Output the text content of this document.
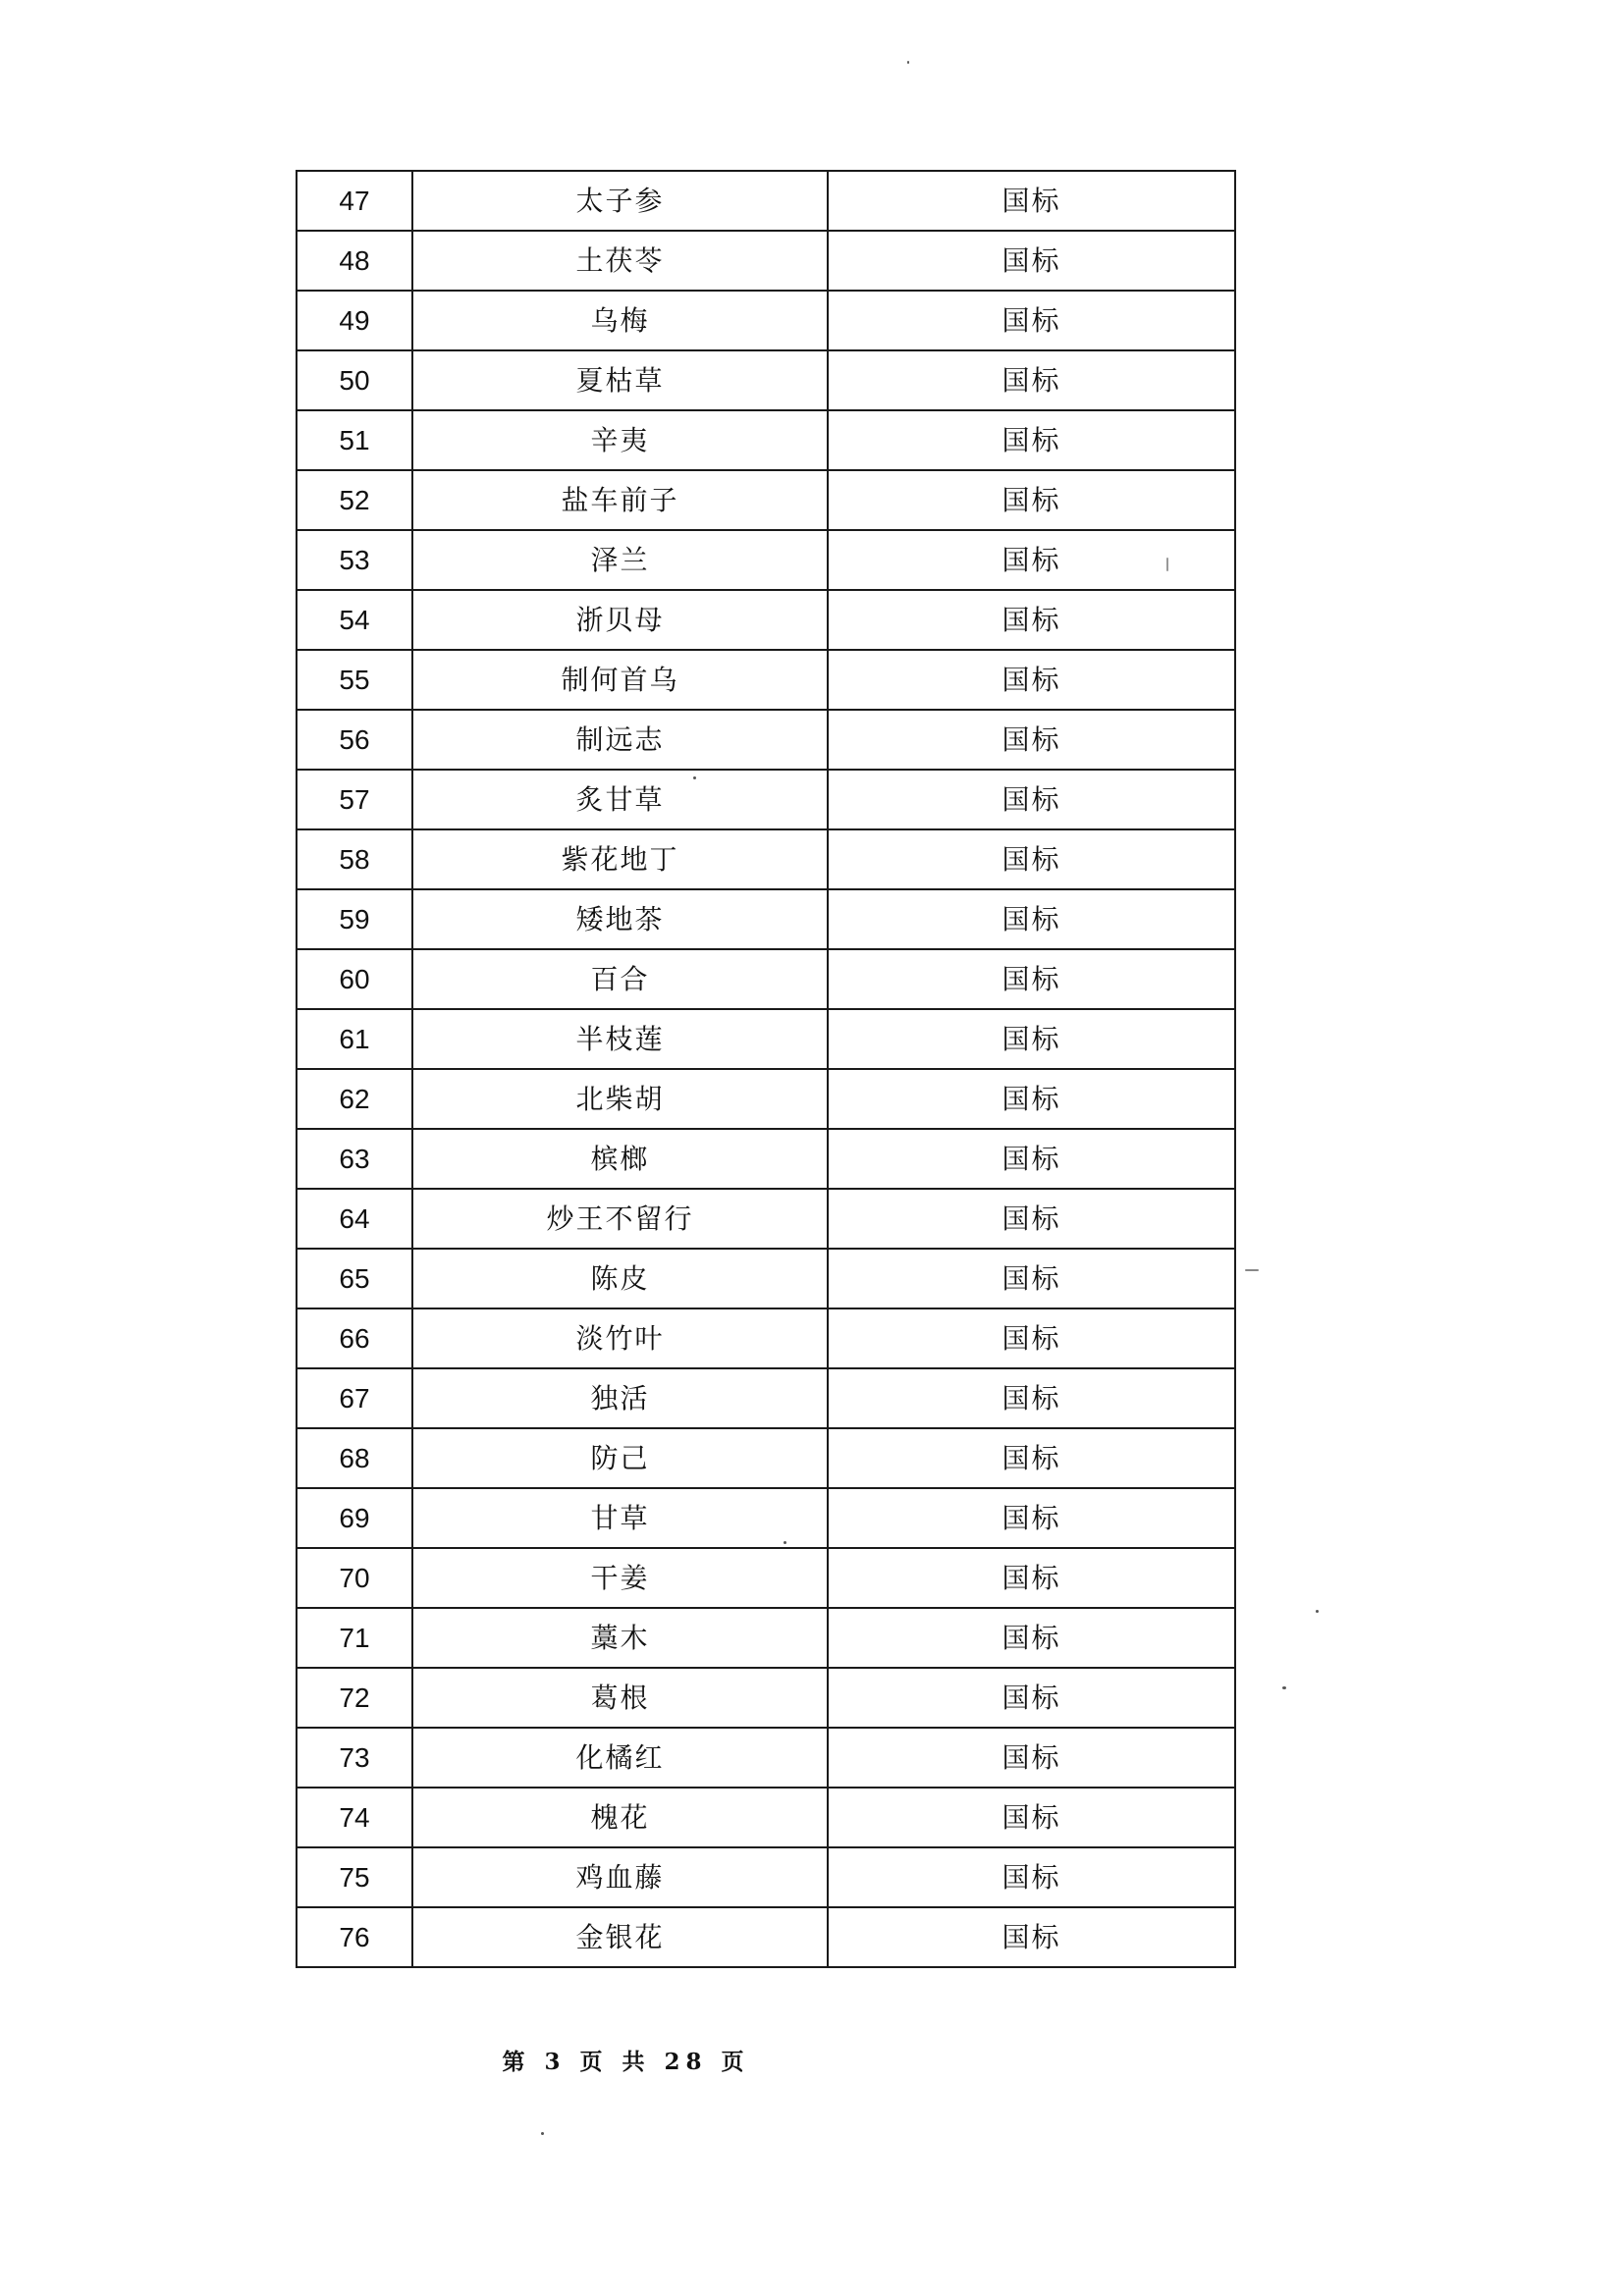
47	太子参	国标
48	土茯苓	国标
49	乌梅	国标
50	夏枯草	国标
51	辛夷	国标
52	盐车前子	国标
53	泽兰	国标
54	浙贝母	国标
55	制何首乌	国标
56	制远志	国标
57	炙甘草	国标
58	紫花地丁	国标
59	矮地茶	国标
60	百合	国标
61	半枝莲	国标
62	北柴胡	国标
63	槟榔	国标
64	炒王不留行	国标
65	陈皮	国标
66	淡竹叶	国标
67	独活	国标
68	防己	国标
69	甘草	国标
70	干姜	国标
71	藁木	国标
72	葛根	国标
73	化橘红	国标
74	槐花	国标
75	鸡血藤	国标
76	金银花	国标
第 3 页 共 28 页
